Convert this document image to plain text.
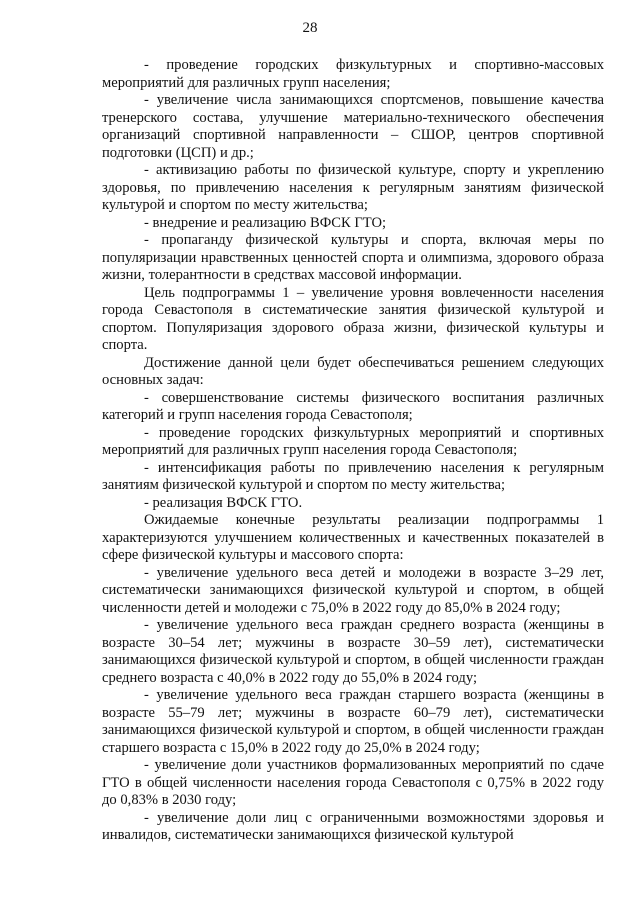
28

- проведение городских физкультурных и спортивно-массовых мероприятий для различных групп населения;

- увеличение числа занимающихся спортсменов, повышение качества тренерского состава, улучшение материально-технического обеспечения организаций спортивной направленности – СШОР, центров спортивной подготовки (ЦСП) и др.;

- активизацию работы по физической культуре, спорту и укреплению здоровья, по привлечению населения к регулярным занятиям физической культурой и спортом по месту жительства;

- внедрение и реализацию ВФСК ГТО;

- пропаганду физической культуры и спорта, включая меры по популяризации нравственных ценностей спорта и олимпизма, здорового образа жизни, толерантности в средствах массовой информации.

Цель подпрограммы 1 – увеличение уровня вовлеченности населения города Севастополя в систематические занятия физической культурой и спортом. Популяризация здорового образа жизни, физической культуры и спорта.

Достижение данной цели будет обеспечиваться решением следующих основных задач:

- совершенствование системы физического воспитания различных категорий и групп населения города Севастополя;

- проведение городских физкультурных мероприятий и спортивных мероприятий для различных групп населения города Севастополя;

- интенсификация работы по привлечению населения к регулярным занятиям физической культурой и спортом по месту жительства;

- реализация ВФСК ГТО.

Ожидаемые конечные результаты реализации подпрограммы 1 характеризуются улучшением количественных и качественных показателей в сфере физической культуры и массового спорта:

- увеличение удельного веса детей и молодежи в возрасте 3–29 лет, систематически занимающихся физической культурой и спортом, в общей численности детей и молодежи с 75,0% в 2022 году до 85,0% в 2024 году;

- увеличение удельного веса граждан среднего возраста (женщины в возрасте 30–54 лет; мужчины в возрасте 30–59 лет), систематически занимающихся физической культурой и спортом, в общей численности граждан среднего возраста с 40,0% в 2022 году до 55,0% в 2024 году;

- увеличение удельного веса граждан старшего возраста (женщины в возрасте 55–79 лет; мужчины в возрасте 60–79 лет), систематически занимающихся физической культурой и спортом, в общей численности граждан старшего возраста с 15,0% в 2022 году до 25,0% в 2024 году;

- увеличение доли участников формализованных мероприятий по сдаче ГТО в общей численности населения города Севастополя с 0,75% в 2022 году до 0,83% в 2030 году;

- увеличение доли лиц с ограниченными возможностями здоровья и инвалидов, систематически занимающихся физической культурой
